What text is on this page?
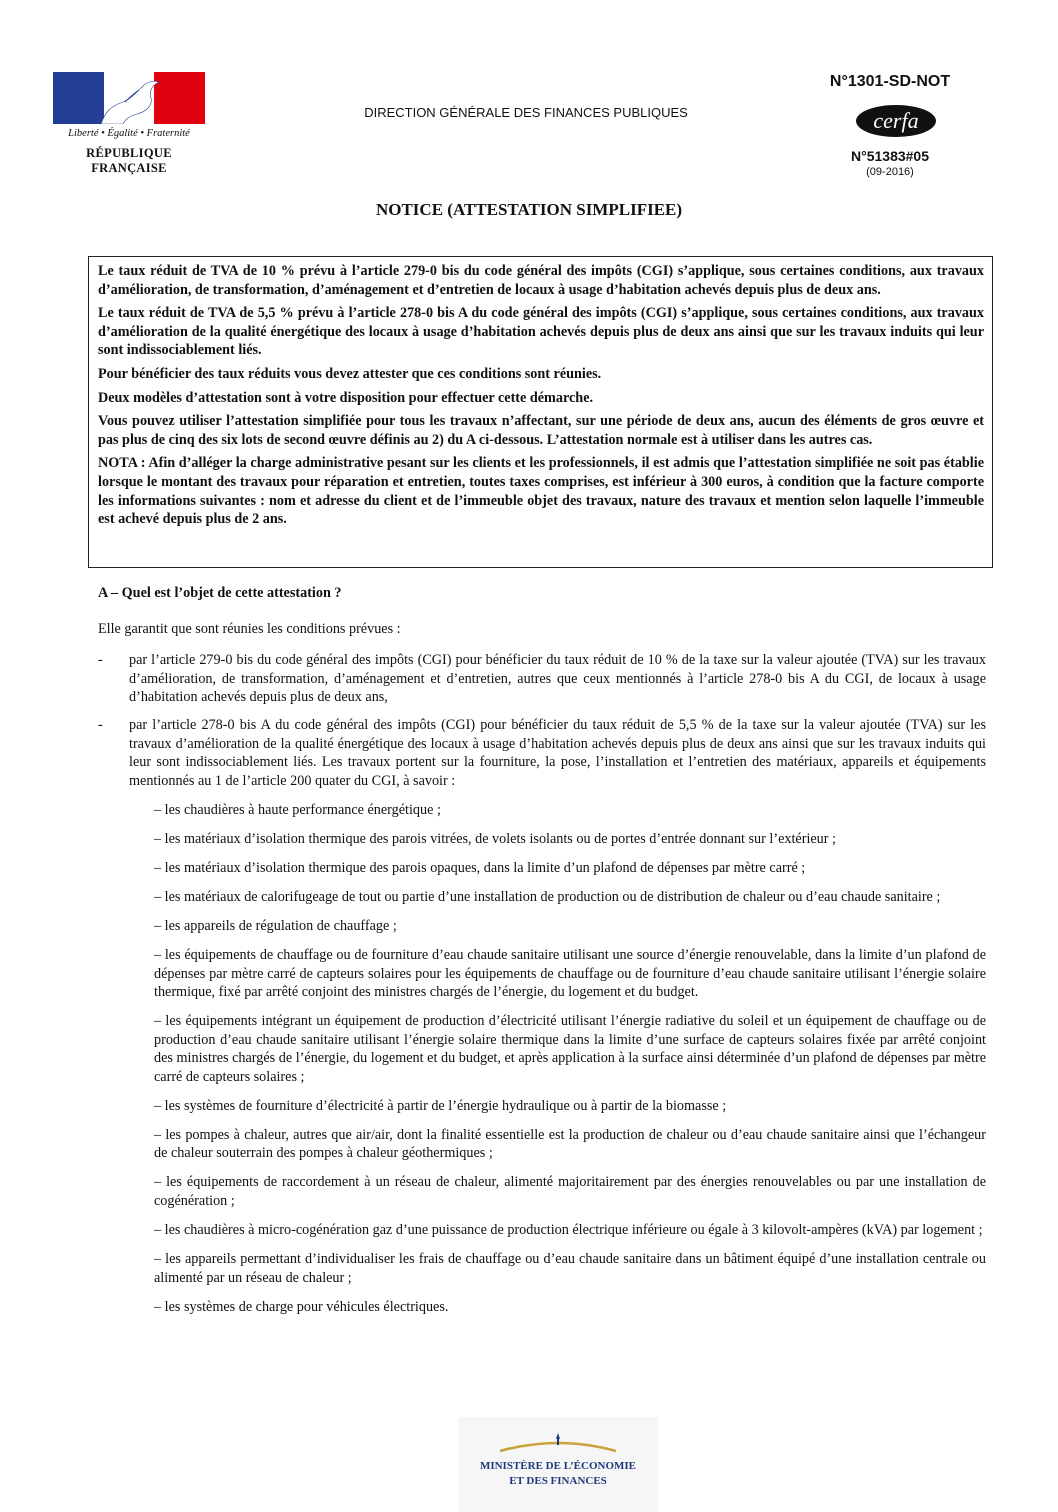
Liberté • Égalité • Fraternité
RÉPUBLIQUE FRANÇAISE
DIRECTION GÉNÉRALE DES FINANCES PUBLIQUES
N°1301-SD-NOT
cerfa
N°51383#05
(09-2016)
NOTICE (ATTESTATION SIMPLIFIEE)

Le taux réduit de TVA de 10 % prévu à l’article 279-0 bis du code général des impôts (CGI) s’applique, sous certaines conditions, aux travaux d’amélioration, de transformation, d’aménagement et d’entretien de locaux à usage d’habitation achevés depuis plus de deux ans.

Le taux réduit de TVA de 5,5 % prévu à l’article 278-0 bis A du code général des impôts (CGI) s’applique, sous certaines conditions, aux travaux d’amélioration de la qualité énergétique des locaux à usage d’habitation achevés depuis plus de deux ans ainsi que sur les travaux induits qui leur sont indissociablement liés.

Pour bénéficier des taux réduits vous devez attester que ces conditions sont réunies.

Deux modèles d’attestation sont à votre disposition pour effectuer cette démarche.

Vous pouvez utiliser l’attestation simplifiée pour tous les travaux n’affectant, sur une période de deux ans, aucun des éléments de gros œuvre et pas plus de cinq des six lots de second œuvre définis au 2) du A ci-dessous. L’attestation normale est à utiliser dans les autres cas.

NOTA : Afin d’alléger la charge administrative pesant sur les clients et les professionnels, il est admis que l’attestation simplifiée ne soit pas établie lorsque le montant des travaux pour réparation et entretien, toutes taxes comprises, est inférieur à 300 euros, à condition que la facture comporte les informations suivantes : nom et adresse du client et de l’immeuble objet des travaux, nature des travaux et mention selon laquelle l’immeuble est achevé depuis plus de 2 ans.

A – Quel est l’objet de cette attestation ?
Elle garantit que sont réunies les conditions prévues :
- par l’article 279-0 bis du code général des impôts (CGI) pour bénéficier du taux réduit de 10 % de la taxe sur la valeur ajoutée (TVA) sur les travaux d’amélioration, de transformation, d’aménagement et d’entretien, autres que ceux mentionnés à l’article 278-0 bis A du CGI, de locaux à usage d’habitation achevés depuis plus de deux ans,
- par l’article 278-0 bis A du code général des impôts (CGI) pour bénéficier du taux réduit de 5,5 % de la taxe sur la valeur ajoutée (TVA) sur les travaux d’amélioration de la qualité énergétique des locaux à usage d’habitation achevés depuis plus de deux ans ainsi que sur les travaux induits qui leur sont indissociablement liés. Les travaux portent sur la fourniture, la pose, l’installation et l’entretien des matériaux, appareils et équipements mentionnés au 1 de l’article 200 quater du CGI, à savoir :
– les chaudières à haute performance énergétique ;
– les matériaux d’isolation thermique des parois vitrées, de volets isolants ou de portes d’entrée donnant sur l’extérieur ;
– les matériaux d’isolation thermique des parois opaques, dans la limite d’un plafond de dépenses par mètre carré ;
– les matériaux de calorifugeage de tout ou partie d’une installation de production ou de distribution de chaleur ou d’eau chaude sanitaire ;
– les appareils de régulation de chauffage ;
– les équipements de chauffage ou de fourniture d’eau chaude sanitaire utilisant une source d’énergie renouvelable, dans la limite d’un plafond de dépenses par mètre carré de capteurs solaires pour les équipements de chauffage ou de fourniture d’eau chaude sanitaire utilisant l’énergie solaire thermique, fixé par arrêté conjoint des ministres chargés de l’énergie, du logement et du budget.
– les équipements intégrant un équipement de production d’électricité utilisant l’énergie radiative du soleil et un équipement de chauffage ou de production d’eau chaude sanitaire utilisant l’énergie solaire thermique dans la limite d’une surface de capteurs solaires fixée par arrêté conjoint des ministres chargés de l’énergie, du logement et du budget, et après application à la surface ainsi déterminée d’un plafond de dépenses par mètre carré de capteurs solaires ;
– les systèmes de fourniture d’électricité à partir de l’énergie hydraulique ou à partir de la biomasse ;
– les pompes à chaleur, autres que air/air, dont la finalité essentielle est la production de chaleur ou d’eau chaude sanitaire ainsi que l’échangeur de chaleur souterrain des pompes à chaleur géothermiques ;
– les équipements de raccordement à un réseau de chaleur, alimenté majoritairement par des énergies renouvelables ou par une installation de cogénération ;
– les chaudières à micro-cogénération gaz d’une puissance de production électrique inférieure ou égale à 3 kilovolt-ampères (kVA) par logement ;
– les appareils permettant d’individualiser les frais de chauffage ou d’eau chaude sanitaire dans un bâtiment équipé d’une installation centrale ou alimenté par un réseau de chaleur ;
– les systèmes de charge pour véhicules électriques.
MINISTÈRE DE L’ÉCONOMIE
ET DES FINANCES
